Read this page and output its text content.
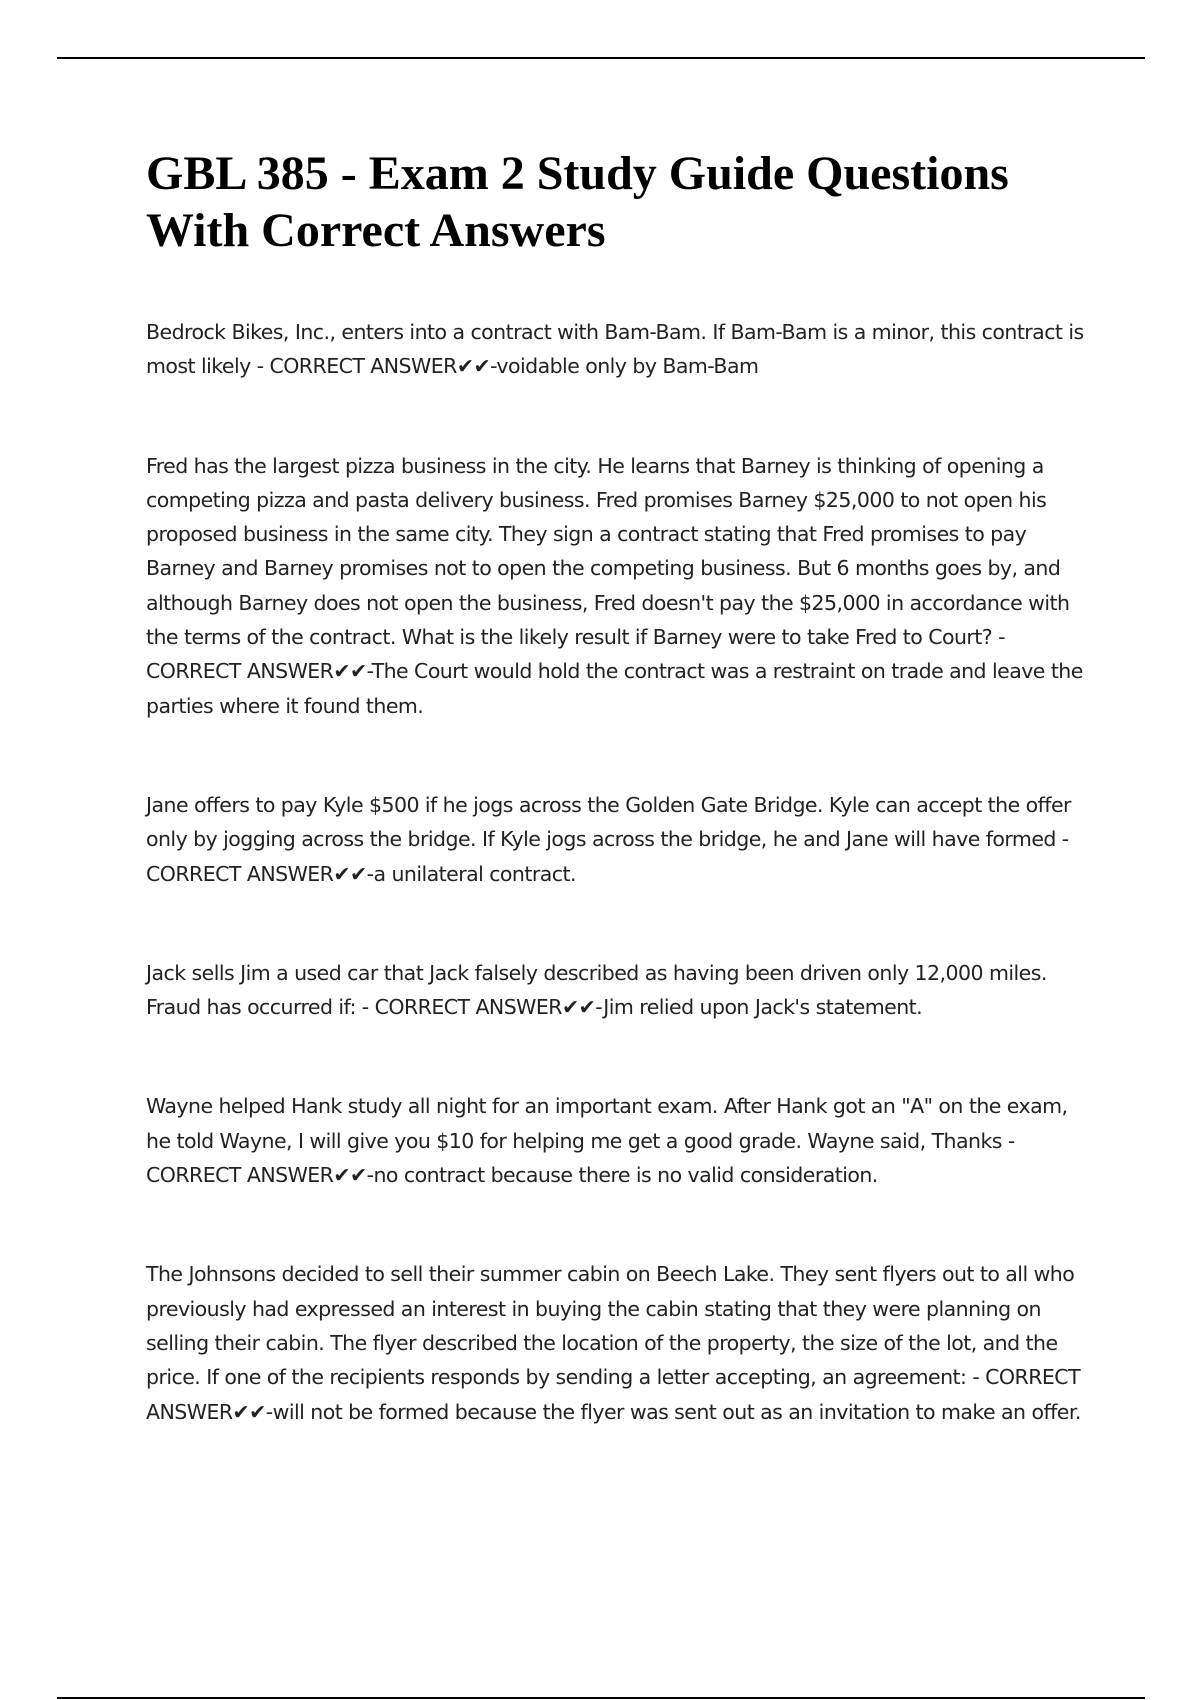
GBL 385 - Exam 2 Study Guide Questions With Correct Answers

Bedrock Bikes, Inc., enters into a contract with Bam-Bam. If Bam-Bam is a minor, this contract is most likely - CORRECT ANSWER✔✔-voidable only by Bam-Bam

Fred has the largest pizza business in the city. He learns that Barney is thinking of opening a competing pizza and pasta delivery business. Fred promises Barney $25,000 to not open his proposed business in the same city. They sign a contract stating that Fred promises to pay Barney and Barney promises not to open the competing business. But 6 months goes by, and although Barney does not open the business, Fred doesn't pay the $25,000 in accordance with the terms of the contract. What is the likely result if Barney were to take Fred to Court? - CORRECT ANSWER✔✔-The Court would hold the contract was a restraint on trade and leave the parties where it found them.

Jane offers to pay Kyle $500 if he jogs across the Golden Gate Bridge. Kyle can accept the offer only by jogging across the bridge. If Kyle jogs across the bridge, he and Jane will have formed - CORRECT ANSWER✔✔-a unilateral contract.

Jack sells Jim a used car that Jack falsely described as having been driven only 12,000 miles. Fraud has occurred if: - CORRECT ANSWER✔✔-Jim relied upon Jack's statement.

Wayne helped Hank study all night for an important exam. After Hank got an "A" on the exam, he told Wayne, I will give you $10 for helping me get a good grade. Wayne said, Thanks - CORRECT ANSWER✔✔-no contract because there is no valid consideration.

The Johnsons decided to sell their summer cabin on Beech Lake. They sent flyers out to all who previously had expressed an interest in buying the cabin stating that they were planning on selling their cabin. The flyer described the location of the property, the size of the lot, and the price. If one of the recipients responds by sending a letter accepting, an agreement: - CORRECT ANSWER✔✔-will not be formed because the flyer was sent out as an invitation to make an offer.
